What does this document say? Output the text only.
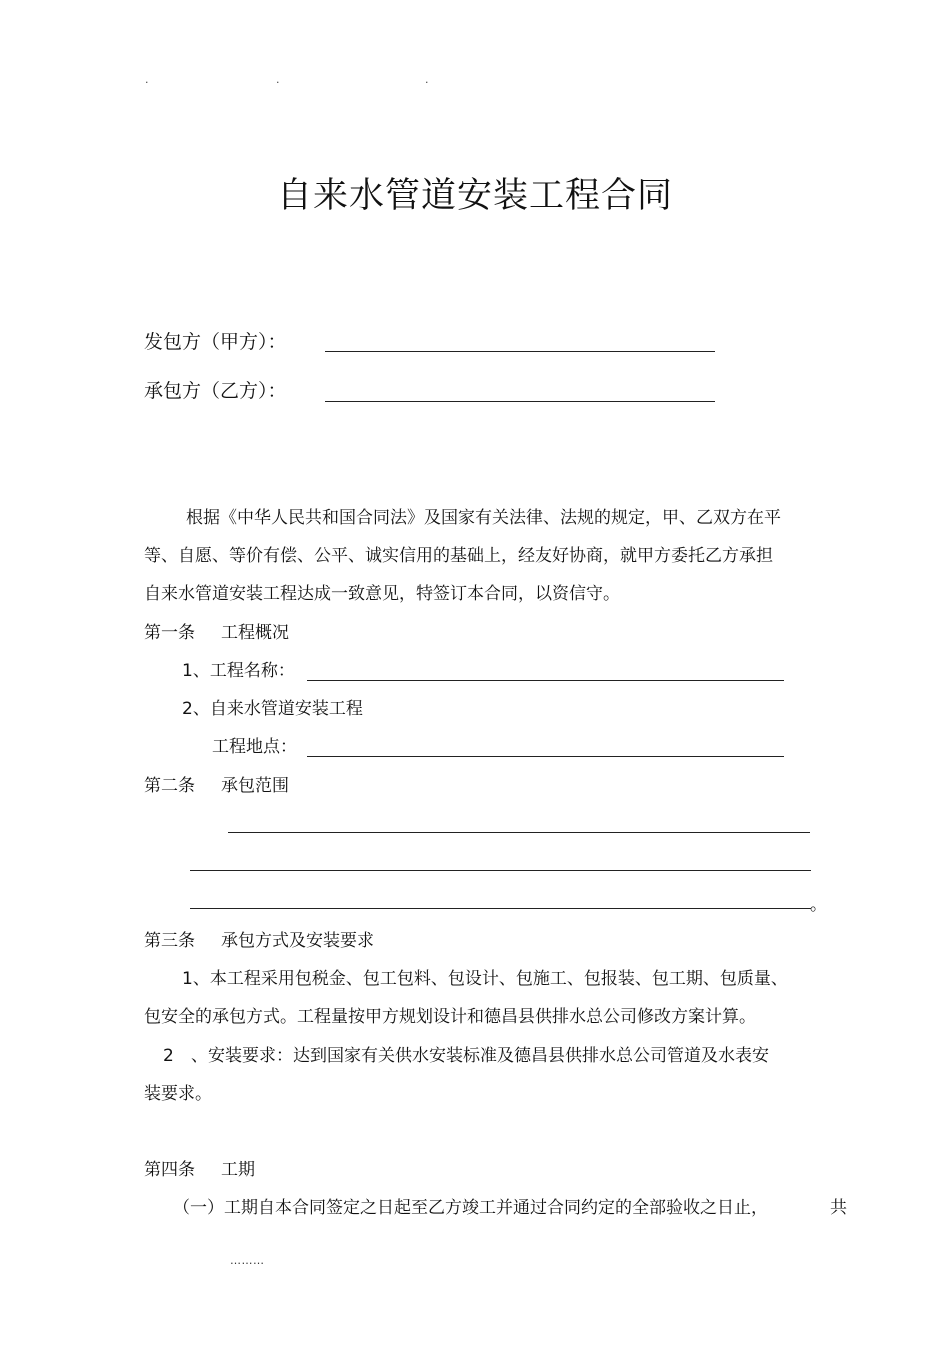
.	.	.
自来水管道安装工程合同
发包方（甲方）：
承包方（乙方）：
根据《中华人民共和国合同法》及国家有关法律、法规的规定，甲、乙双方在平
等、自愿、等价有偿、公平、诚实信用的基础上，经友好协商，就甲方委托乙方承担
自来水管道安装工程达成一致意见，特签订本合同，以资信守。
第一条 工程概况
1、工程名称：
2、自来水管道安装工程
工程地点：
第二条 承包范围
。
第三条 承包方式及安装要求
1、本工程采用包税金、包工包料、包设计、包施工、包报装、包工期、包质量、
包安全的承包方式。工程量按甲方规划设计和德昌县供排水总公司修改方案计算。
2 、安装要求：达到国家有关供水安装标准及德昌县供排水总公司管道及水表安
装要求。
第四条 工期
（一）工期自本合同签定之日起至乙方竣工并通过合同约定的全部验收之日止，	共
………
